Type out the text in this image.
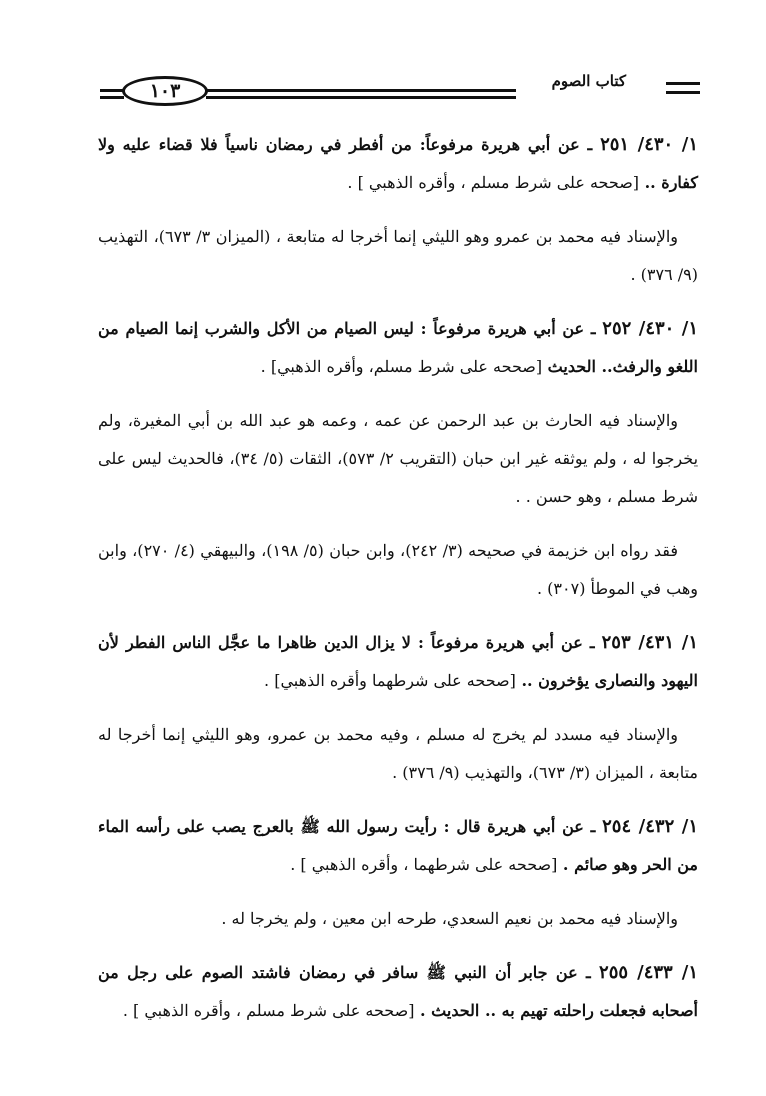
كتاب الصوم
١٠٣

١/ ٤٣٠/ ٢٥١ ـ عن أبي هريرة مرفوعاً: من أفطر في رمضان ناسياً فلا قضاء عليه ولا كفارة .. [صححه على شرط مسلم ، وأقره الذهبي ] .

والإسناد فيه محمد بن عمرو وهو الليثي إنما أخرجا له متابعة ، (الميزان ٣/ ٦٧٣)، التهذيب (٩/ ٣٧٦) .

١/ ٤٣٠/ ٢٥٢ ـ عن أبي هريرة مرفوعاً : ليس الصيام من الأكل والشرب إنما الصيام من اللغو والرفث.. الحديث [صححه على شرط مسلم، وأقره الذهبي] .

والإسناد فيه الحارث بن عبد الرحمن عن عمه ، وعمه هو عبد الله بن أبي المغيرة، ولم يخرجوا له ، ولم يوثقه غير ابن حبان (التقريب ٢/ ٥٧٣)، الثقات (٥/ ٣٤)، فالحديث ليس على شرط مسلم ، وهو حسن . .

فقد رواه ابن خزيمة في صحيحه (٣/ ٢٤٢)، وابن حبان (٥/ ١٩٨)، والبيهقي (٤/ ٢٧٠)، وابن وهب في الموطأ (٣٠٧) .

١/ ٤٣١/ ٢٥٣ ـ عن أبي هريرة مرفوعاً : لا يزال الدين ظاهرا ما عجَّل الناس الفطر لأن اليهود والنصارى يؤخرون .. [صححه على شرطهما وأقره الذهبي] .

والإسناد فيه مسدد لم يخرج له مسلم ، وفيه محمد بن عمرو، وهو الليثي إنما أخرجا له متابعة ، الميزان (٣/ ٦٧٣)، والتهذيب (٩/ ٣٧٦) .

١/ ٤٣٢/ ٢٥٤ ـ عن أبي هريرة قال : رأيت رسول الله ﷺ بالعرج يصب على رأسه الماء من الحر وهو صائم . [صححه على شرطهما ، وأقره الذهبي ] .

والإسناد فيه محمد بن نعيم السعدي، طرحه ابن معين ، ولم يخرجا له .

١/ ٤٣٣/ ٢٥٥ ـ عن جابر أن النبي ﷺ سافر في رمضان فاشتد الصوم على رجل من أصحابه فجعلت راحلته تهيم به .. الحديث . [صححه على شرط مسلم ، وأقره الذهبي ] .
